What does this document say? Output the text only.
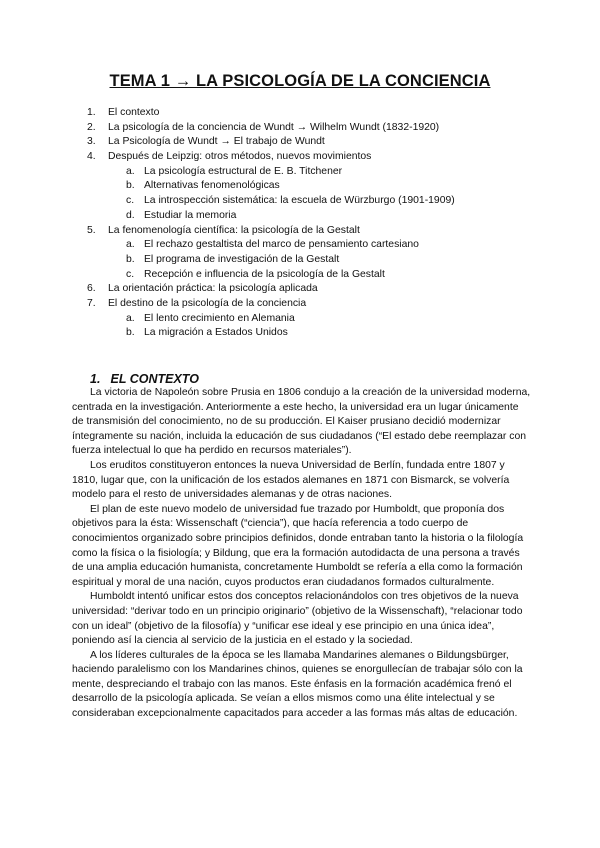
TEMA 1 → LA PSICOLOGÍA DE LA CONCIENCIA
1. El contexto
2. La psicología de la conciencia de Wundt → Wilhelm Wundt (1832-1920)
3. La Psicología de Wundt → El trabajo de Wundt
4. Después de Leipzig: otros métodos, nuevos movimientos
a. La psicología estructural de E. B. Titchener
b. Alternativas fenomenológicas
c. La introspección sistemática: la escuela de Würzburgo (1901-1909)
d. Estudiar la memoria
5. La fenomenología científica: la psicología de la Gestalt
a. El rechazo gestaltista del marco de pensamiento cartesiano
b. El programa de investigación de la Gestalt
c. Recepción e influencia de la psicología de la Gestalt
6. La orientación práctica: la psicología aplicada
7. El destino de la psicología de la conciencia
a. El lento crecimiento en Alemania
b. La migración a Estados Unidos
1. EL CONTEXTO

La victoria de Napoleón sobre Prusia en 1806 condujo a la creación de la universidad moderna, centrada en la investigación. Anteriormente a este hecho, la universidad era un lugar únicamente de transmisión del conocimiento, no de su producción. El Kaiser prusiano decidió modernizar íntegramente su nación, incluida la educación de sus ciudadanos (“El estado debe reemplazar con fuerza intelectual lo que ha perdido en recursos materiales”).

Los eruditos constituyeron entonces la nueva Universidad de Berlín, fundada entre 1807 y 1810, lugar que, con la unificación de los estados alemanes en 1871 con Bismarck, se volvería modelo para el resto de universidades alemanas y de otras naciones.

El plan de este nuevo modelo de universidad fue trazado por Humboldt, que proponía dos objetivos para la ésta: Wissenschaft (“ciencia”), que hacía referencia a todo cuerpo de conocimientos organizado sobre principios definidos, donde entraban tanto la historia o la filología como la física o la fisiología; y Bildung, que era la formación autodidacta de una persona a través de una amplia educación humanista, concretamente Humboldt se refería a ella como la formación espiritual y moral de una nación, cuyos productos eran ciudadanos formados culturalmente.

Humboldt intentó unificar estos dos conceptos relacionándolos con tres objetivos de la nueva universidad: “derivar todo en un principio originario” (objetivo de la Wissenschaft), “relacionar todo con un ideal” (objetivo de la filosofía) y “unificar ese ideal y ese principio en una única idea”, poniendo así la ciencia al servicio de la justicia en el estado y la sociedad.

A los líderes culturales de la época se les llamaba Mandarines alemanes o Bildungsbürger, haciendo paralelismo con los Mandarines chinos, quienes se enorgullecían de trabajar sólo con la mente, despreciando el trabajo con las manos. Este énfasis en la formación académica frenó el desarrollo de la psicología aplicada. Se veían a ellos mismos como una élite intelectual y se consideraban excepcionalmente capacitados para acceder a las formas más altas de educación.
